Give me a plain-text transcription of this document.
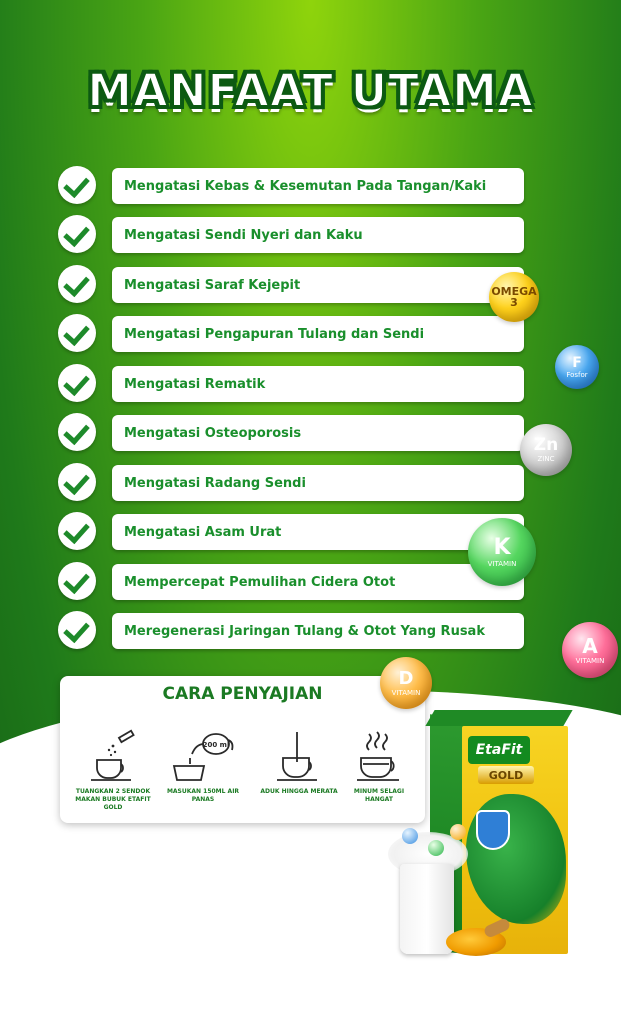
MANFAAT UTAMA
Mengatasi Kebas & Kesemutan Pada Tangan/Kaki
Mengatasi Sendi Nyeri dan Kaku
Mengatasi Saraf Kejepit
Mengatasi Pengapuran Tulang dan Sendi
Mengatasi Rematik
Mengatasi Osteoporosis
Mengatasi Radang Sendi
Mengatasi Asam Urat
Mempercepat Pemulihan Cidera Otot
Meregenerasi Jaringan Tulang & Otot Yang Rusak
OMEGA 3
F
Fosfor
Zn
ZINC
K
VITAMIN
A
VITAMIN
CARA PENYAJIAN
TUANGKAN 2 SENDOK MAKAN BUBUK ETAFIT GOLD
200 ml
MASUKAN 150ML AIR PANAS
ADUK HINGGA MERATA	MINUM SELAGI HANGAT
D
VITAMIN
EtaFit
GOLD
